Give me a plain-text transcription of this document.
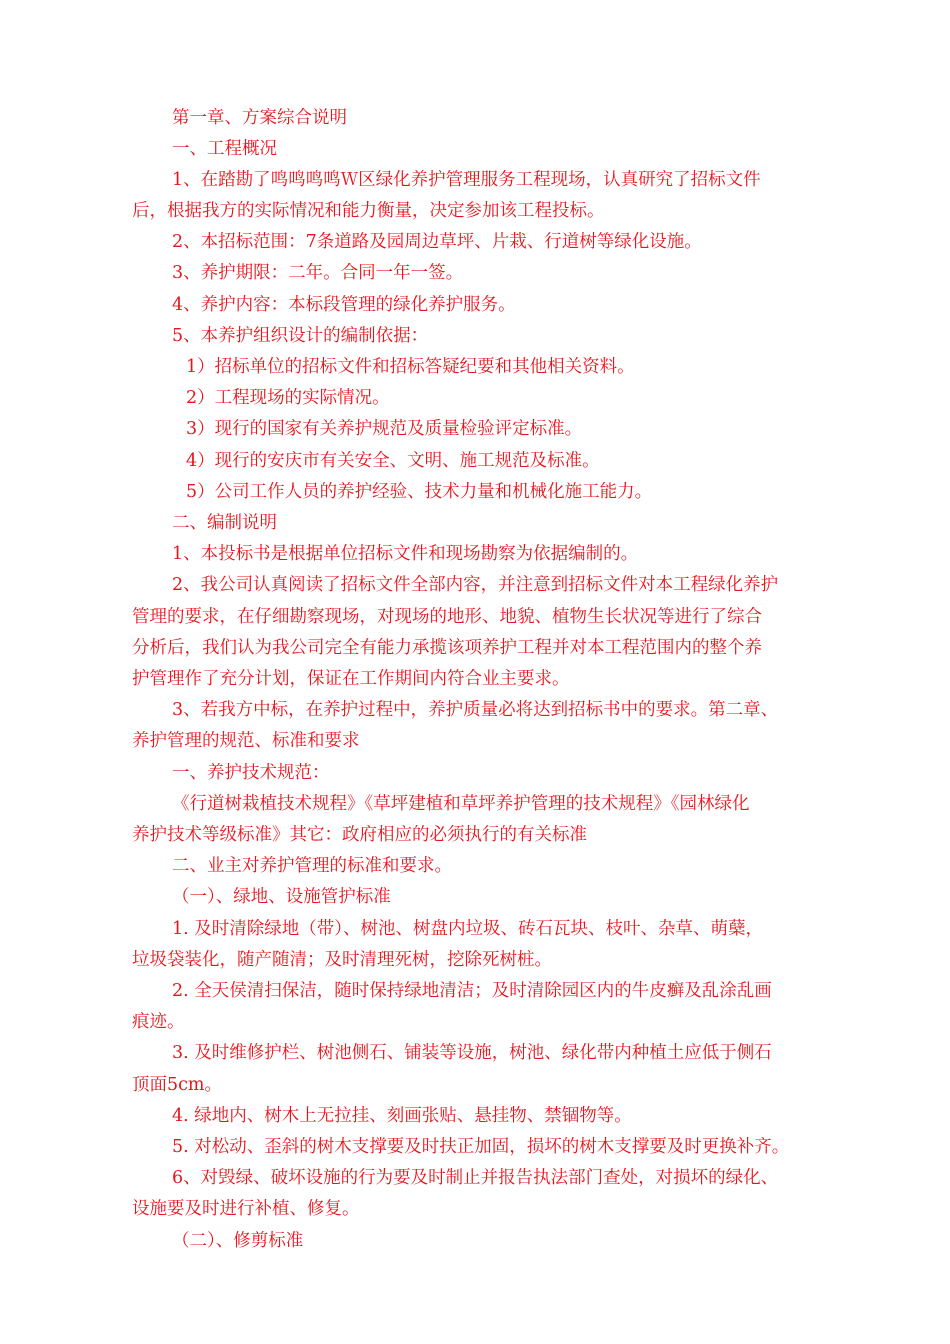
第一章、方案综合说明
一、工程概况
1、在踏勘了鸣鸣鸣鸣Ｗ区绿化养护管理服务工程现场，认真研究了招标文件
后，根据我方的实际情况和能力衡量，决定参加该工程投标。
2、本招标范围：7条道路及园周边草坪、片栽、行道树等绿化设施。
3、养护期限：二年。合同一年一签。
4、养护内容：本标段管理的绿化养护服务。
5、本养护组织设计的编制依据：
1）招标单位的招标文件和招标答疑纪要和其他相关资料。
2）工程现场的实际情况。
3）现行的国家有关养护规范及质量检验评定标准。
4）现行的安庆市有关安全、文明、施工规范及标准。
5）公司工作人员的养护经验、技术力量和机械化施工能力。
二、编制说明
1、本投标书是根据单位招标文件和现场勘察为依据编制的。
2、我公司认真阅读了招标文件全部内容，并注意到招标文件对本工程绿化养护
管理的要求，在仔细勘察现场，对现场的地形、地貌、植物生长状况等进行了综合
分析后，我们认为我公司完全有能力承揽该项养护工程并对本工程范围内的整个养
护管理作了充分计划，保证在工作期间内符合业主要求。
3、若我方中标，在养护过程中，养护质量必将达到招标书中的要求。第二章、
养护管理的规范、标准和要求
一、养护技术规范：
《行道树栽植技术规程》《草坪建植和草坪养护管理的技术规程》《园林绿化
养护技术等级标准》其它：政府相应的必须执行的有关标准
二、业主对养护管理的标准和要求。
（一）、绿地、设施管护标准
1. 及时清除绿地（带）、树池、树盘内垃圾、砖石瓦块、枝叶、杂草、萌蘖，
垃圾袋装化，随产随清；及时清理死树，挖除死树桩。
2. 全天侯清扫保洁，随时保持绿地清洁；及时清除园区内的牛皮癣及乱涂乱画
痕迹。
3. 及时维修护栏、树池侧石、铺装等设施，树池、绿化带内种植土应低于侧石
顶面5cm。
4. 绿地内、树木上无拉挂、刻画张贴、悬挂物、禁锢物等。
5. 对松动、歪斜的树木支撑要及时扶正加固，损坏的树木支撑要及时更换补齐。
6、对毁绿、破坏设施的行为要及时制止并报告执法部门查处，对损坏的绿化、
设施要及时进行补植、修复。
（二）、修剪标准
